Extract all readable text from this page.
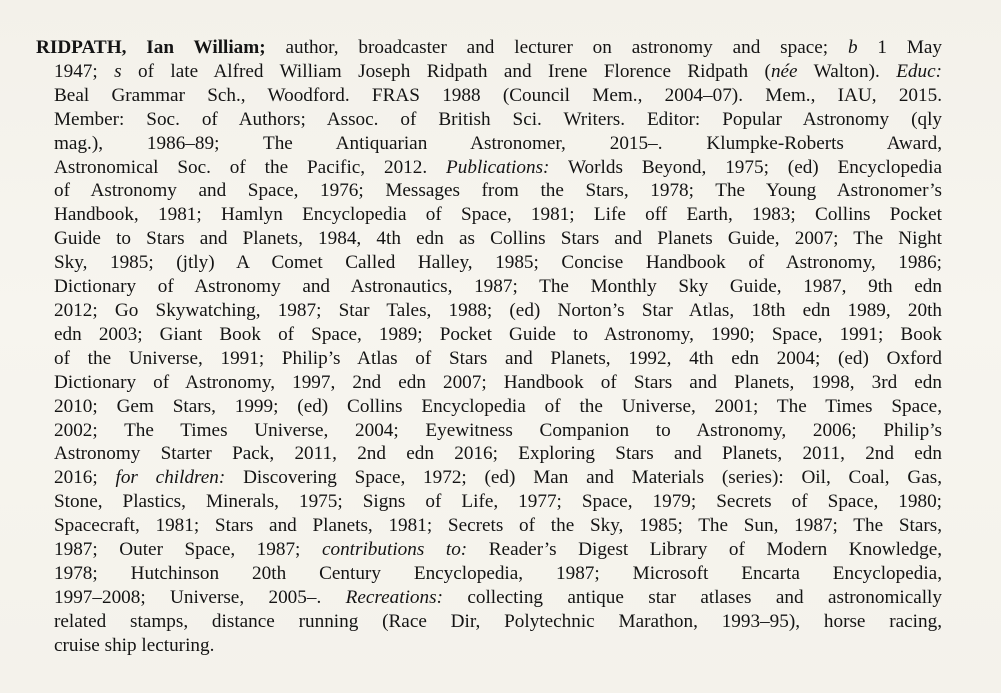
RIDPATH, Ian William; author, broadcaster and lecturer on astronomy and space; b 1 May
1947; s of late Alfred William Joseph Ridpath and Irene Florence Ridpath (née Walton). Educ:
Beal Grammar Sch., Woodford. FRAS 1988 (Council Mem., 2004–07). Mem., IAU, 2015.
Member: Soc. of Authors; Assoc. of British Sci. Writers. Editor: Popular Astronomy (qly
mag.), 1986–89; The Antiquarian Astronomer, 2015–. Klumpke-Roberts Award,
Astronomical Soc. of the Pacific, 2012. Publications: Worlds Beyond, 1975; (ed) Encyclopedia
of Astronomy and Space, 1976; Messages from the Stars, 1978; The Young Astronomer’s
Handbook, 1981; Hamlyn Encyclopedia of Space, 1981; Life off Earth, 1983; Collins Pocket
Guide to Stars and Planets, 1984, 4th edn as Collins Stars and Planets Guide, 2007; The Night
Sky, 1985; (jtly) A Comet Called Halley, 1985; Concise Handbook of Astronomy, 1986;
Dictionary of Astronomy and Astronautics, 1987; The Monthly Sky Guide, 1987, 9th edn
2012; Go Skywatching, 1987; Star Tales, 1988; (ed) Norton’s Star Atlas, 18th edn 1989, 20th
edn 2003; Giant Book of Space, 1989; Pocket Guide to Astronomy, 1990; Space, 1991; Book
of the Universe, 1991; Philip’s Atlas of Stars and Planets, 1992, 4th edn 2004; (ed) Oxford
Dictionary of Astronomy, 1997, 2nd edn 2007; Handbook of Stars and Planets, 1998, 3rd edn
2010; Gem Stars, 1999; (ed) Collins Encyclopedia of the Universe, 2001; The Times Space,
2002; The Times Universe, 2004; Eyewitness Companion to Astronomy, 2006; Philip’s
Astronomy Starter Pack, 2011, 2nd edn 2016; Exploring Stars and Planets, 2011, 2nd edn
2016; for children: Discovering Space, 1972; (ed) Man and Materials (series): Oil, Coal, Gas,
Stone, Plastics, Minerals, 1975; Signs of Life, 1977; Space, 1979; Secrets of Space, 1980;
Spacecraft, 1981; Stars and Planets, 1981; Secrets of the Sky, 1985; The Sun, 1987; The Stars,
1987; Outer Space, 1987; contributions to: Reader’s Digest Library of Modern Knowledge,
1978; Hutchinson 20th Century Encyclopedia, 1987; Microsoft Encarta Encyclopedia,
1997–2008; Universe, 2005–. Recreations: collecting antique star atlases and astronomically
related stamps, distance running (Race Dir, Polytechnic Marathon, 1993–95), horse racing,
cruise ship lecturing.
